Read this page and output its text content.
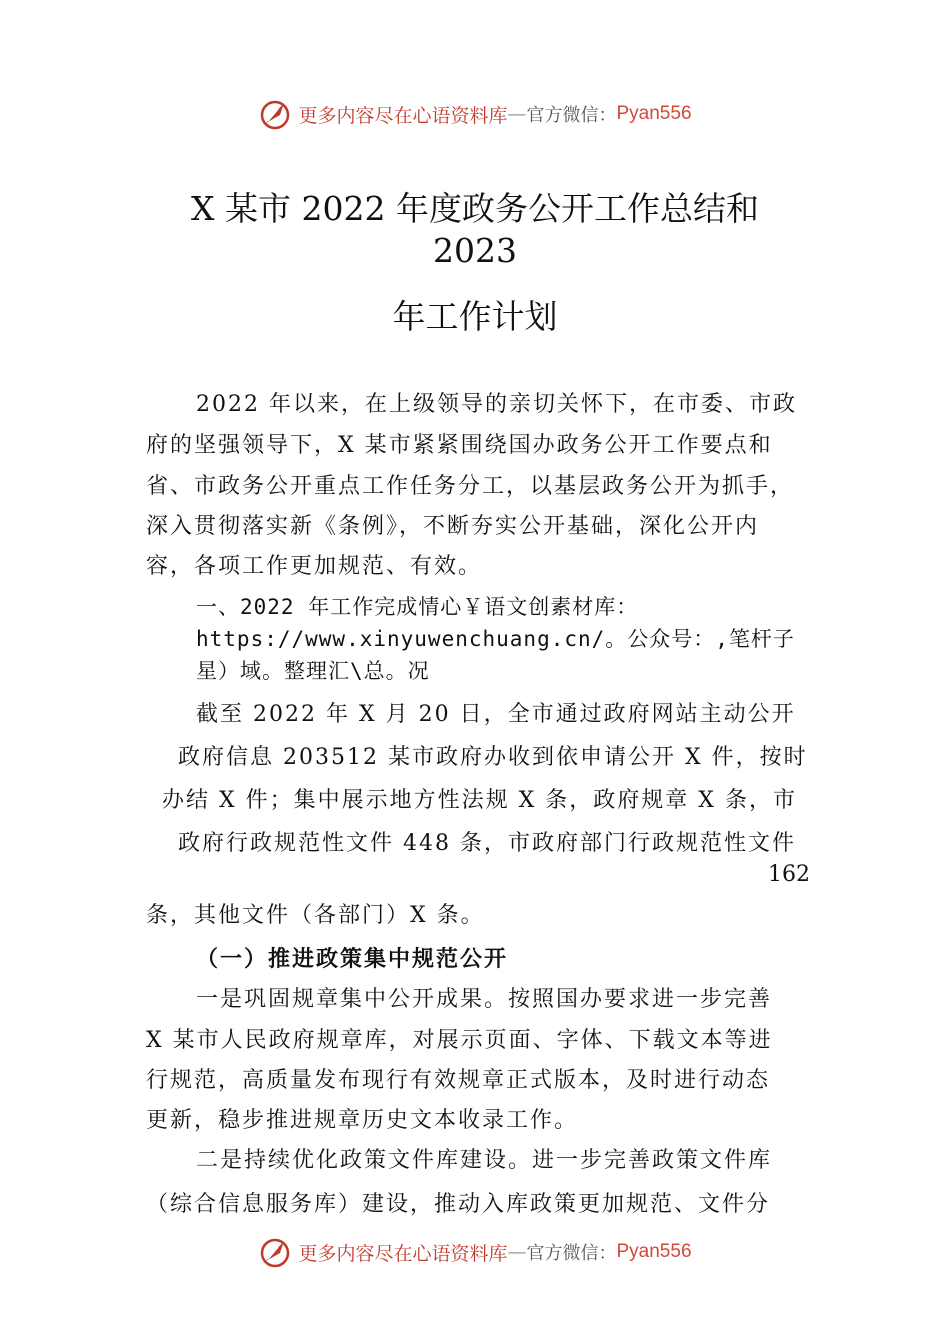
更多内容尽在心语资料库 — 官方微信： Pyan556
X 某市 2022 年度政务公开工作总结和
2023
年工作计划
2022 年以来，在上级领导的亲切关怀下，在市委、市政
府的坚强领导下，X 某市紧紧围绕国办政务公开工作要点和
省、市政务公开重点工作任务分工，以基层政务公开为抓手，
深入贯彻落实新《条例》，不断夯实公开基础，深化公开内
容，各项工作更加规范、有效。
一、2022 年工作完成情心￥语文创素材库：
https://www.xinyuwenchuang.cn/。公众号：,笔杆子
星）域。整理汇\总。况
截至 2022 年 X 月 20 日，全市通过政府网站主动公开
政府信息 203512 某市政府办收到依申请公开 X 件，按时
办结 X 件；集中展示地方性法规 X 条，政府规章 X 条，市
政府行政规范性文件 448 条，市政府部门行政规范性文件
162
条，其他文件（各部门）X 条。
（一）推进政策集中规范公开
一是巩固规章集中公开成果。按照国办要求进一步完善
X 某市人民政府规章库，对展示页面、字体、下载文本等进
行规范，高质量发布现行有效规章正式版本，及时进行动态
更新，稳步推进规章历史文本收录工作。
二是持续优化政策文件库建设。进一步完善政策文件库
（综合信息服务库）建设，推动入库政策更加规范、文件分
更多内容尽在心语资料库 — 官方微信： Pyan556
